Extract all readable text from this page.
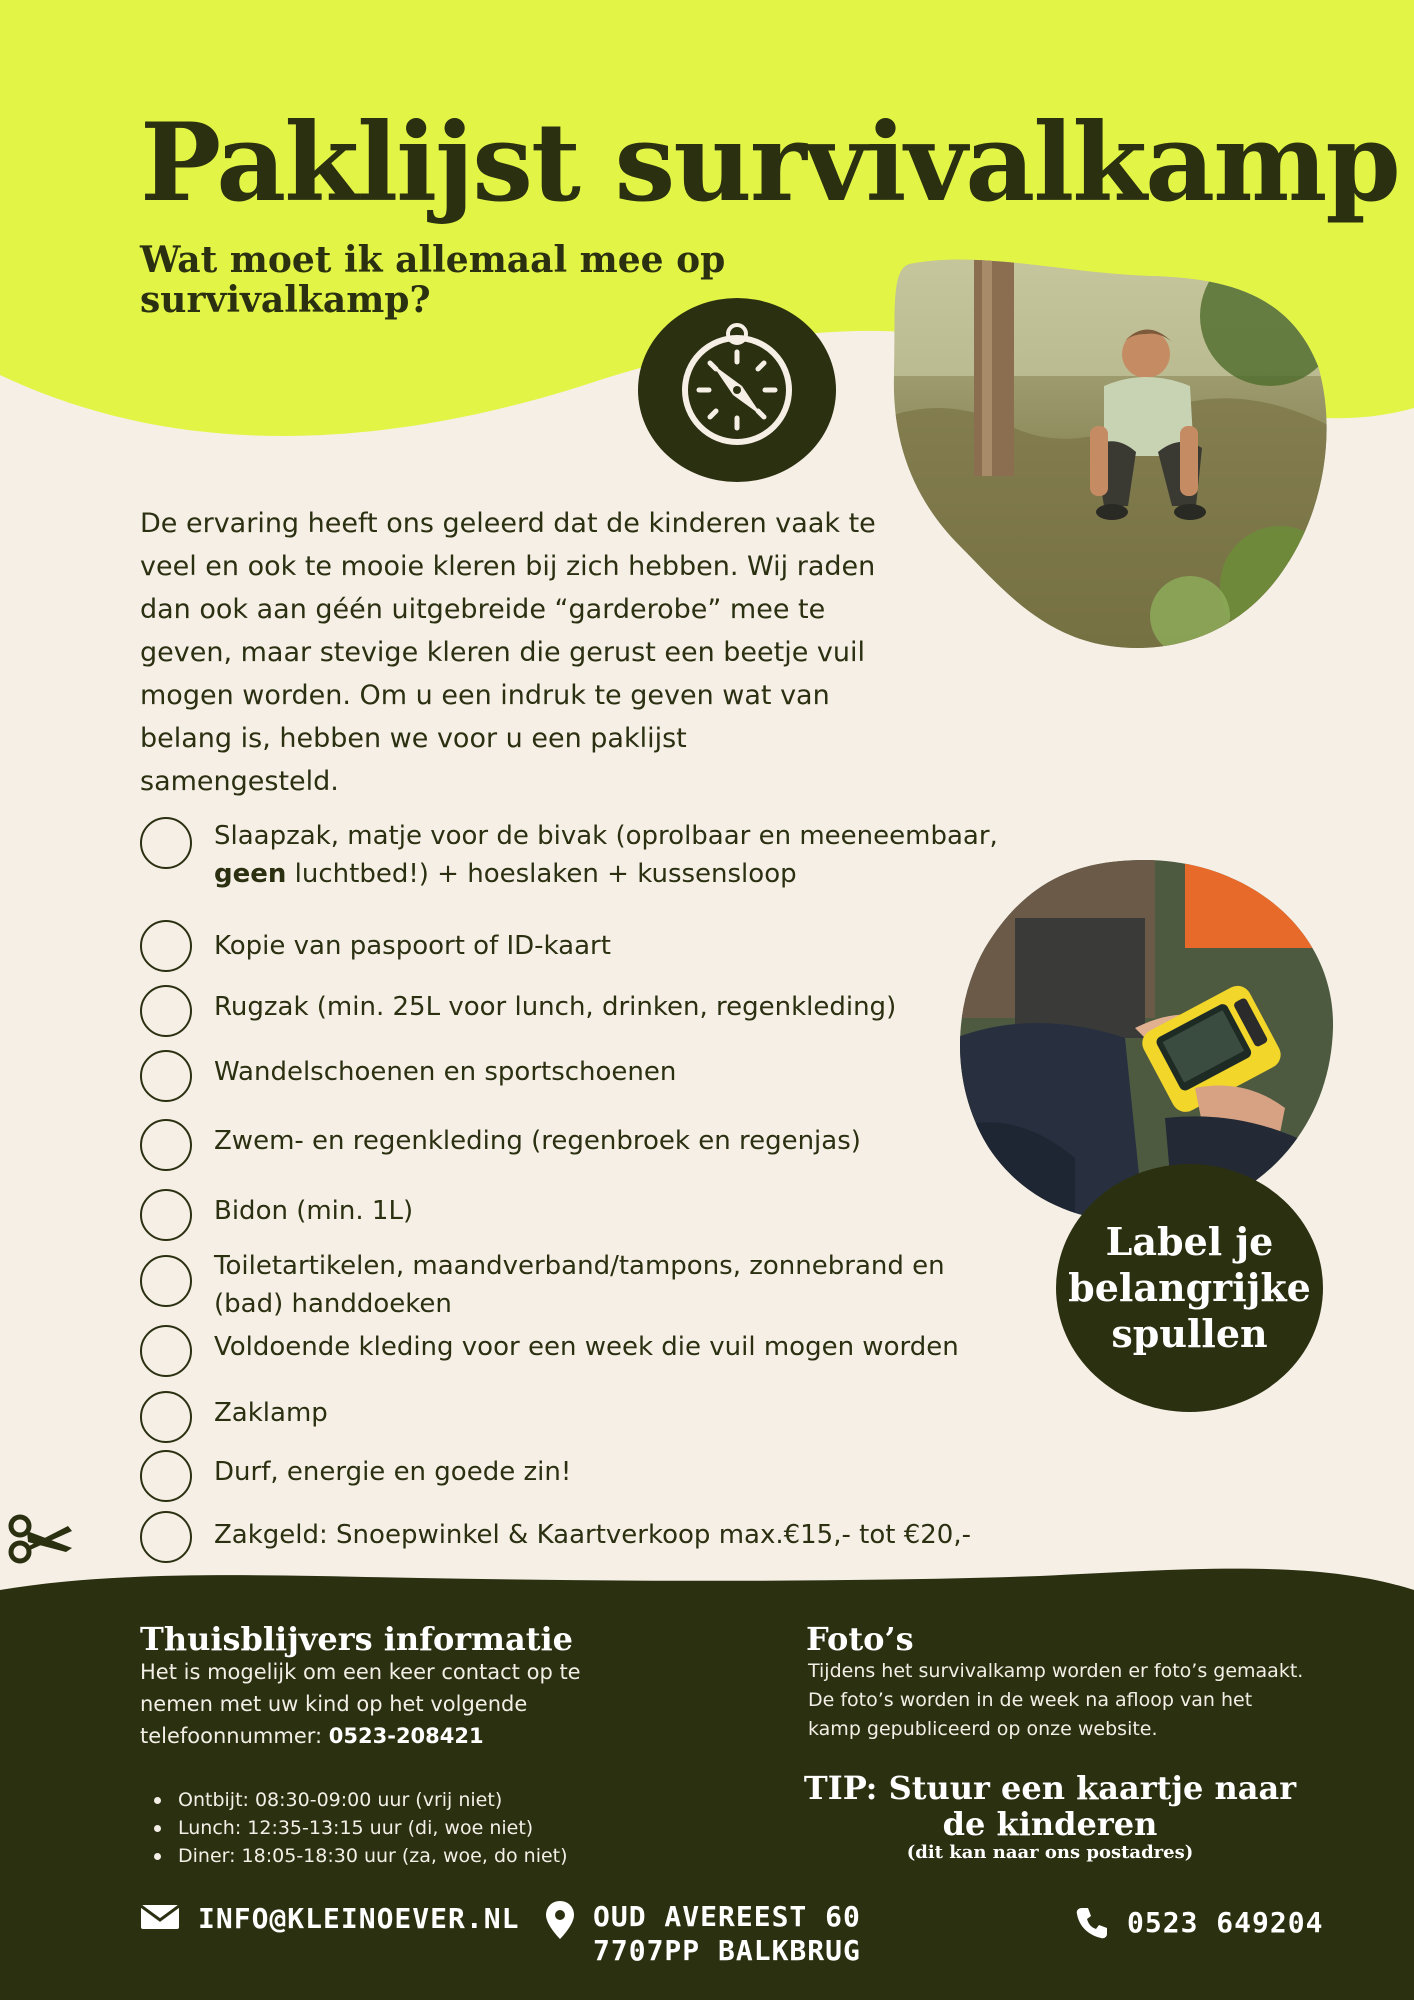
Paklijst survivalkamp
Wat moet ik allemaal mee op survivalkamp?
Label je
belangrijke
spullen

De ervaring heeft ons geleerd dat de kinderen vaak te veel en ook te mooie kleren bij zich hebben. Wij raden dan ook aan géén uitgebreide “garderobe” mee te geven, maar stevige kleren die gerust een beetje vuil mogen worden. Om u een indruk te geven wat van belang is, hebben we voor u een paklijst samengesteld.

Slaapzak, matje voor de bivak (oprolbaar en meeneembaar,
geen luchtbed!) + hoeslaken + kussensloop
Kopie van paspoort of ID-kaart
Rugzak (min. 25L voor lunch, drinken, regenkleding)
Wandelschoenen en sportschoenen
Zwem- en regenkleding (regenbroek en regenjas)
Bidon (min. 1L)
Toiletartikelen, maandverband/tampons, zonnebrand en (bad) handdoeken
Voldoende kleding voor een week die vuil mogen worden
Zaklamp
Durf, energie en goede zin!
Zakgeld: Snoepwinkel & Kaartverkoop max.€15,- tot €20,-
Thuisblijvers informatie

Het is mogelijk om een keer contact op te nemen met uw kind op het volgende telefoonnummer: 0523-208421

Ontbijt: 08:30-09:00 uur (vrij niet)
Lunch: 12:35-13:15 uur (di, woe niet)
Diner: 18:05-18:30 uur (za, woe, do niet)
Foto’s

Tijdens het survivalkamp worden er foto’s gemaakt. De foto’s worden in de week na afloop van het kamp gepubliceerd op onze website.

TIP: Stuur een kaartje naar de kinderen
(dit kan naar ons postadres)
INFO@KLEINOEVER.NL	OUD AVEREEST 60
7707PP BALKBRUG
0523 649204
